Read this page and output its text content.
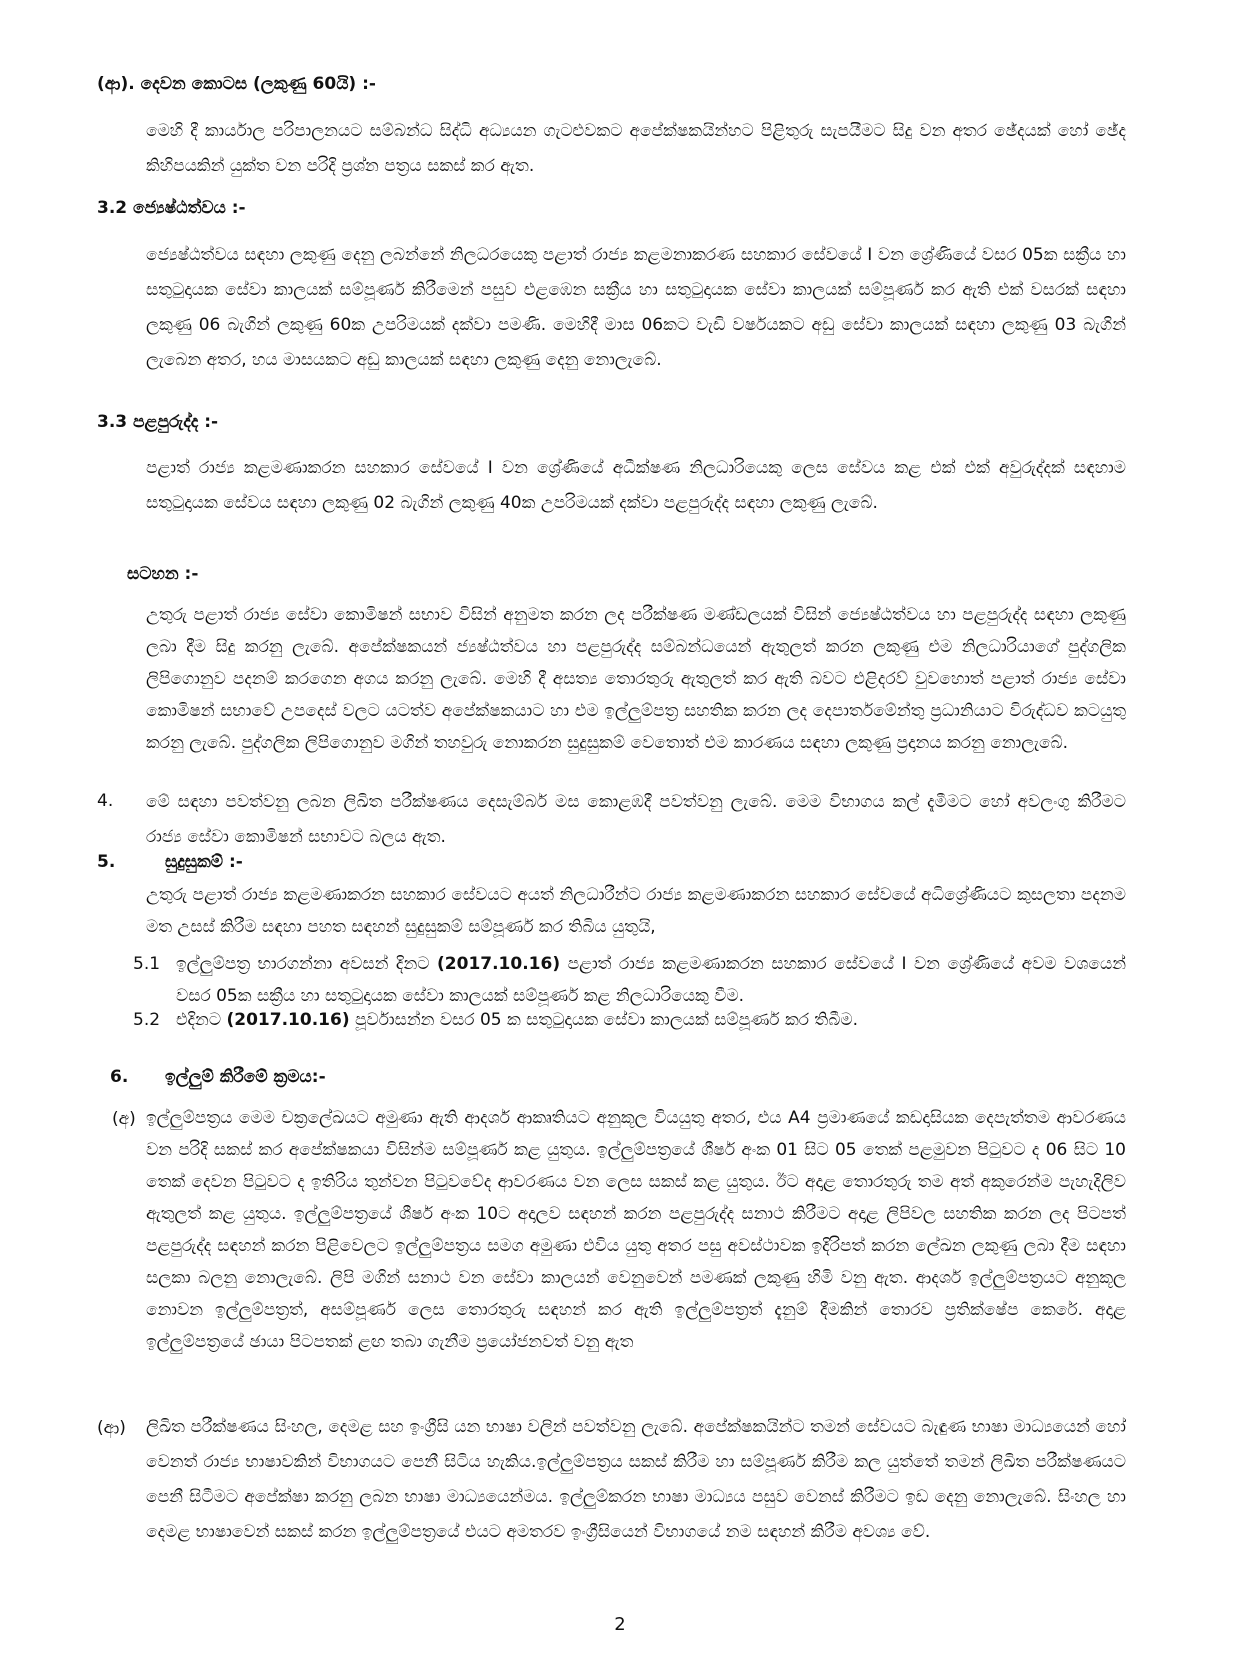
(ආ). දෙවන කොටස (ලකුණු 60යි) :-

මෙහි දී කාර්යාල පරිපාලනයට සම්බන්ධ සිද්ධි අධ්‍යයන ගැටළුවකට අපේක්ෂකයින්හට පිළිතුරු සැපයීමට සිදු වන අතර ඡේදයක් හෝ ඡේද කිහිපයකින් යුක්ත වන පරිදි ප්‍රශ්න පත්‍රය සකස් කර ඇත.

3.2 ජ්‍යෙෂ්ඨත්වය :-

ජ්‍යෙෂ්ඨත්වය සඳහා ලකුණු දෙනු ලබන්නේ නිලධරයෙකු පළාත් රාජ්‍ය කළමනාකරණ සහකාර සේවයේ I වන ශ්‍රේණියේ වසර 05ක සක්‍රීය හා සතුටුදායක සේවා කාලයක් සම්පූර්ණ කිරීමෙන් පසුව එළඹෙන සක්‍රීය හා සතුටුදායක සේවා කාලයක් සම්පූර්ණ කර ඇති එක් වසරක් සඳහා ලකුණු 06 බැගින් ලකුණු 60ක උපරිමයක් දක්වා පමණි. මෙහිදී මාස 06කට වැඩි වර්ෂයකට අඩු සේවා කාලයක් සඳහා ලකුණු 03 බැගින් ලැබෙන අතර, හය මාසයකට අඩු කාලයක් සඳහා ලකුණු දෙනු නොලැබේ.

3.3 පළපුරුද්ද :-

පළාත් රාජ්‍ය කළමණාකරන සහකාර සේවයේ I වන ශ්‍රේණියේ අධීක්ෂණ නිලධාරියෙකු ලෙස සේවය කළ එක් එක් අවුරුද්දක් සඳහාම සතුටුදායක සේවය සඳහා ලකුණු 02 බැගින් ලකුණු 40ක උපරිමයක් දක්වා පළපුරුද්ද සඳහා ලකුණු ලැබේ.

සටහන :-

උතුරු පළාත් රාජ්‍ය සේවා කොමිෂන් සභාව විසින් අනුමත කරන ලද පරීක්ෂණ මණ්ඩලයක් විසින් ජ්‍යෙෂ්ඨත්වය හා පළපුරුද්ද සඳහා ලකුණු ලබා දීම සිදු කරනු ලැබේ. අපේක්ෂකයන් ජ්‍යෂ්ඨත්වය හා පළපුරුද්ද සම්බන්ධයෙන් ඇතුලත් කරන ලකුණු එම නිලධාරියාගේ පුද්ගලික ලිපිගොනුව පදනම් කරගෙන අගය කරනු ලැබේ. මෙහි දී අසත්‍ය තොරතුරු ඇතුලත් කර ඇති බවට එළිදරව් වුවහොත් පළාත් රාජ්‍ය සේවා කොමිෂන් සභාවේ උපදෙස් වලට යටත්ව අපේක්ෂකයාට හා එම ඉල්ලුම්පත්‍ර සහතික කරන ලද දෙපාර්තමේන්තු ප්‍රධානියාට විරුද්ධව කටයුතු කරනු ලැබේ. පුද්ගලික ලිපිගොනුව මගින් තහවුරු නොකරන සුදුසුකම් වෙතොත් එම කාරණය සඳහා ලකුණු ප්‍රදානය කරනු නොලැබේ.

4. මේ සඳහා පවත්වනු ලබන ලිඛිත පරීක්ෂණය දෙසැම්බර් මස කොළඹදී පවත්වනු ලැබේ. මෙම විභාගය කල් දැමීමට හෝ අවලංගු කිරීමට රාජ්‍ය සේවා කොමිෂන් සභාවට බලය ඇත.

5.	සුදුසුකම් :-

උතුරු පළාත් රාජ්‍ය කළමණාකරන සහකාර සේවයට අයත් නිලධාරීන්ට රාජ්‍ය කළමණාකරන සහකාර සේවයේ අධිශ්‍රේණියට කුසලතා පදනම මත උසස් කිරීම සඳහා පහත සඳහන් සුදුසුකම් සම්පූර්ණ කර තිබිය යුතුයි,

5.1 ඉල්ලුම්පත්‍ර භාරගන්නා අවසන් දිනට (2017.10.16) පළාත් රාජ්‍ය කළමණාකරන සහකාර සේවයේ I වන ශ්‍රේණියේ අවම වශයෙන් වසර 05ක සක්‍රීය හා සතුටුදායක සේවා කාලයක් සම්පූර්ණ කළ නිලධාරියෙකු වීම.

5.2 එදිනට (2017.10.16) පූර්වාසන්න වසර 05 ක සතුටුදායක සේවා කාලයක් සම්පූර්ණ කර තිබීම.

6. ඉල්ලුම් කිරීමේ ක්‍රමය:-
(අ) ඉල්ලුම්පත්‍රය මෙම චක්‍රලේඛයට අමුණා ඇති ආදර්ශ ආකෘතියට අනුකූල වියයුතු අතර, එය A4 ප්‍රමාණයේ කඩදාසියක දෙපැත්තම ආවරණය වන පරිදි සකස් කර අපේක්ෂකයා විසින්ම සම්පූර්ණ කළ යුතුය. ඉල්ලුම්පත්‍රයේ ශීර්ෂ අංක 01 සිට 05 තෙක් පළමුවන පිටුවට ද 06 සිට 10 තෙක් දෙවන පිටුවට ද ඉතිරිය තුන්වන පිටුවවේද ආවරණය වන ලෙස සකස් කළ යුතුය. ඊට අදාළ තොරතුරු තම අත් අකුරෙන්ම පැහැදිලිව ඇතුලත් කළ යුතුය. ඉල්ලුම්පත්‍රයේ ශීර්ෂ අංක 10ට අදාලව සඳහන් කරන පළපුරුද්ද සනාථ කිරීමට අදාළ ලිපිවල සහතික කරන ලද පිටපත් පළපුරුද්ද සඳහන් කරන පිළිවෙලට ඉල්ලුම්පත්‍රය සමග අමුණා එවිය යුතු අතර පසු අවස්ථාවක ඉදිරිපත් කරන ලේඛන ලකුණු ලබා දීම සඳහා සලකා බලනු නොලැබේ. ලිපි මගින් සනාථ වන සේවා කාලයන් වෙනුවෙන් පමණක් ලකුණු හිමි වනු ඇත. ආදර්ශ ඉල්ලුම්පත්‍රයට අනුකූල නොවන ඉල්ලුම්පත්‍රත්, අසම්පූර්ණ ලෙස තොරතුරු සඳහන් කර ඇති ඉල්ලුම්පත්‍රත් දැනුම් දීමකින් තොරව ප්‍රතික්ෂේප කෙරේ. අදාළ ඉල්ලුම්පත්‍රයේ ඡායා පිටපතක් ළඟ තබා ගැනීම ප්‍රයෝජනවත් වනු ඇත

(ආ) ලිඛිත පරීක්ෂණය සිංහල, දෙමළ සහ ඉංග්‍රීසි යන භාෂා වලින් පවත්වනු ලැබේ. අපේක්ෂකයින්ට තමන් සේවයට බැඳුණ භාෂා මාධ්‍යයෙන් හෝ වෙනත් රාජ්‍ය භාෂාවකින් විභාගයට පෙනී සිටිය හැකිය.ඉල්ලුම්පත්‍රය සකස් කිරීම හා සම්පූර්ණ කිරීම කල යුත්තේ තමන් ලිඛිත පරීක්ෂණයට පෙනී සිටීමට අපේක්ෂා කරනු ලබන භාෂා මාධ්‍යයෙන්මය. ඉල්ලුම්කරන භාෂා මාධ්‍යය පසුව වෙනස් කිරීමට ඉඩ දෙනු නොලැබේ. සිංහල හා දෙමළ භාෂාවෙන් සකස් කරන ඉල්ලුම්පත්‍රයේ එයට අමතරව ඉංග්‍රීසියෙන් විභාගයේ නම සඳහන් කිරීම අවශ්‍ය වේ.

2
